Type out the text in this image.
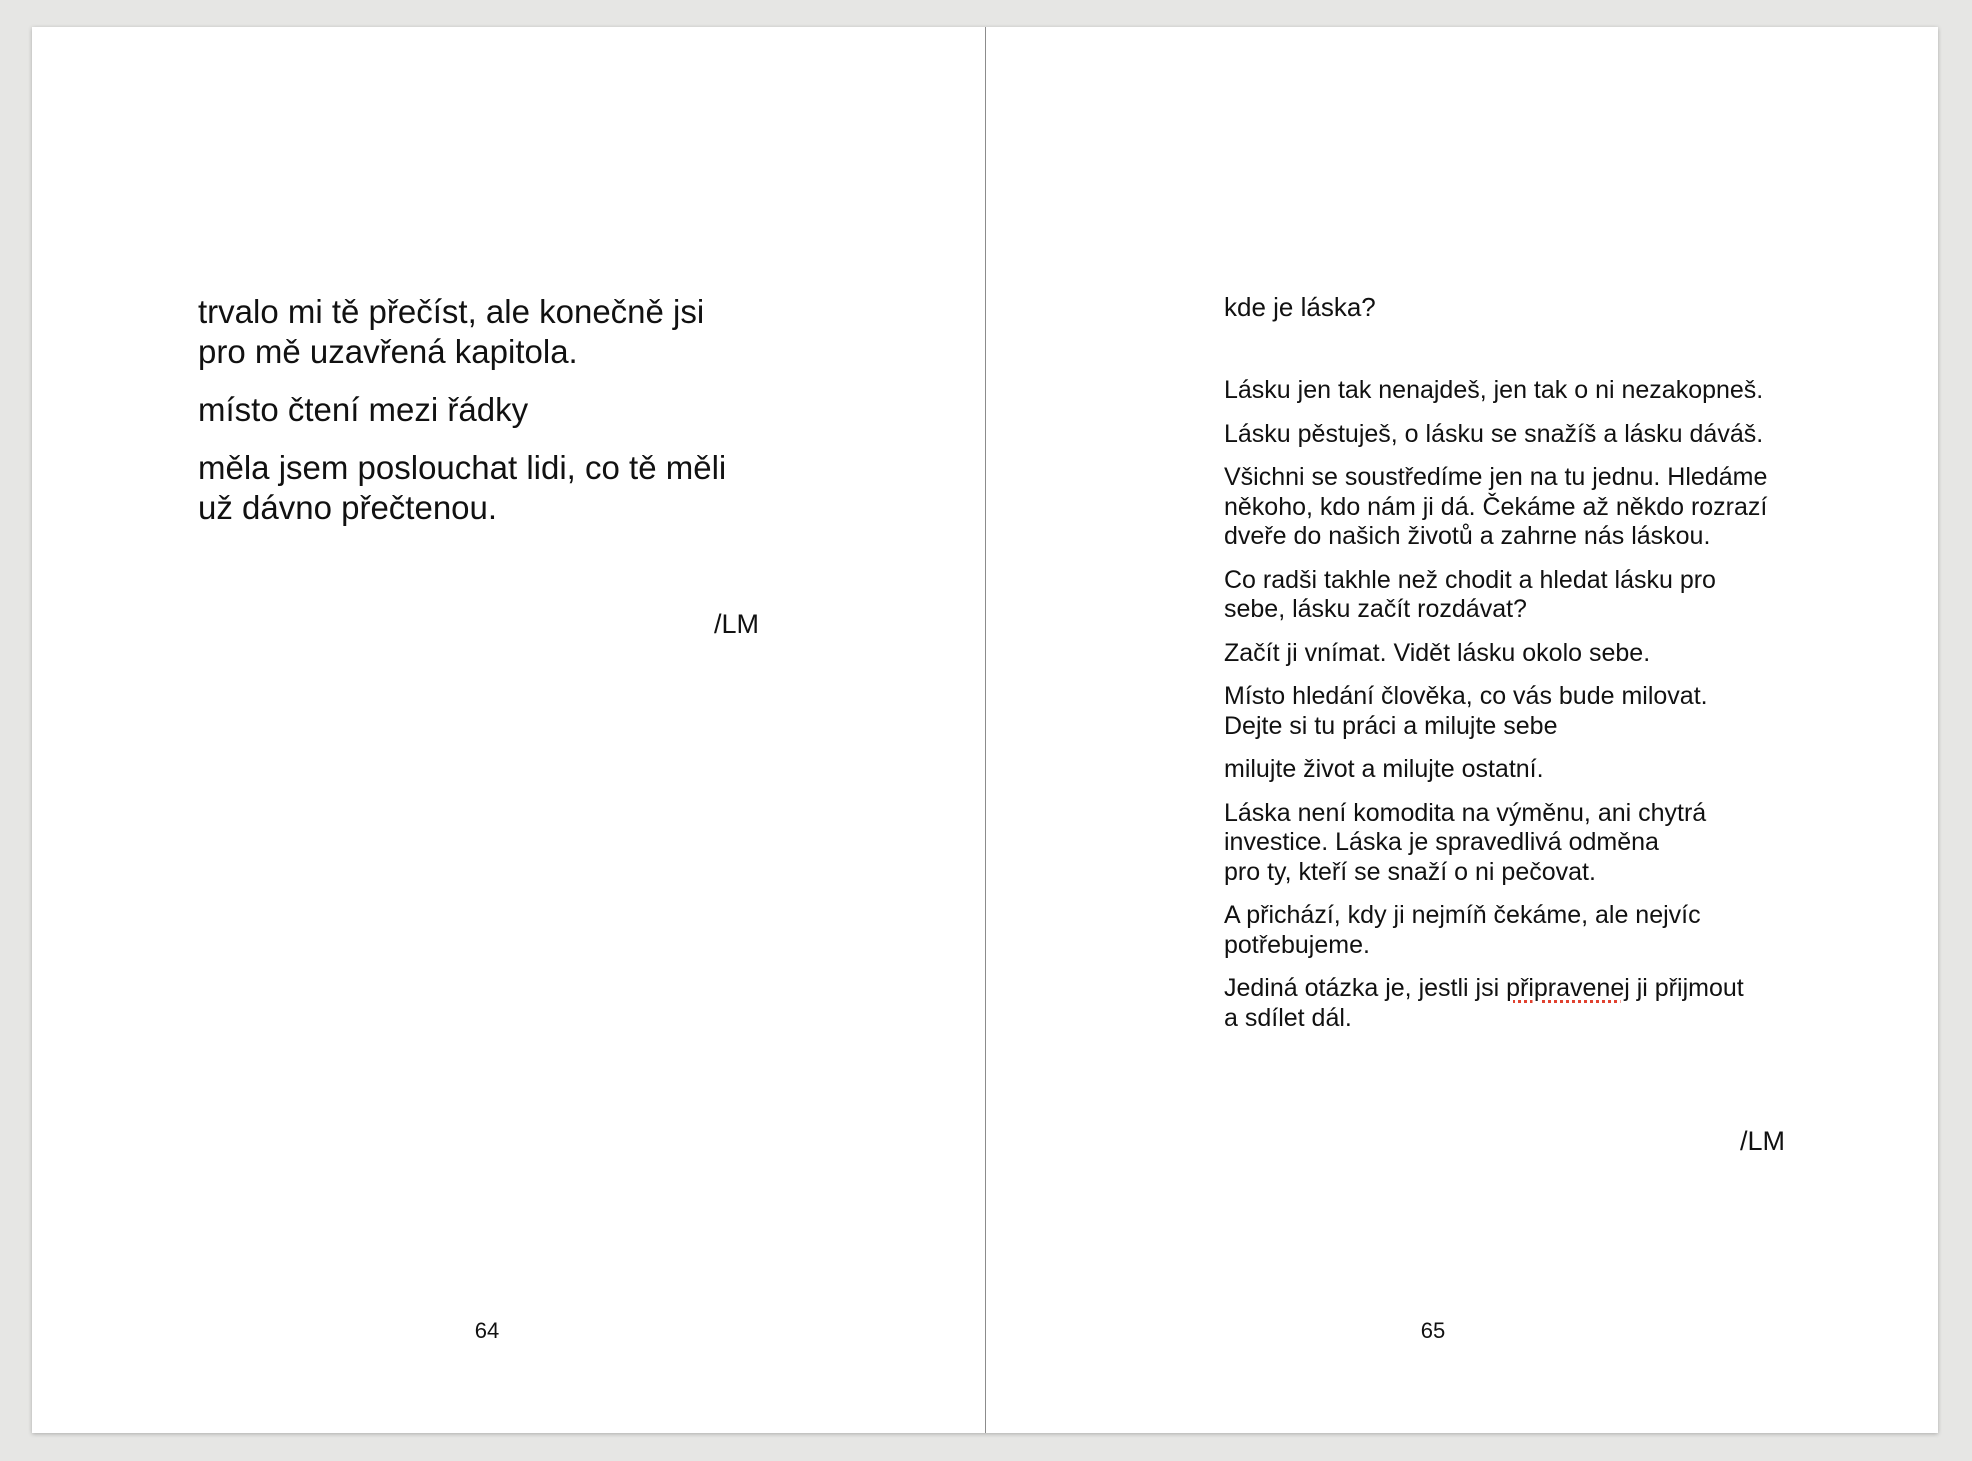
trvalo mi tě přečíst, ale konečně jsi
pro mě uzavřená kapitola.

místo čtení mezi řádky

měla jsem poslouchat lidi, co tě měli
už dávno přečtenou.

/LM
64

kde je láska?

Lásku jen tak nenajdeš, jen tak o ni nezakopneš.

Lásku pěstuješ, o lásku se snažíš a lásku dáváš.

Všichni se soustředíme jen na tu jednu. Hledáme
někoho, kdo nám ji dá. Čekáme až někdo rozrazí
dveře do našich životů a zahrne nás láskou.

Co radši takhle než chodit a hledat lásku pro
sebe, lásku začít rozdávat?

Začít ji vnímat. Vidět lásku okolo sebe.

Místo hledání člověka, co vás bude milovat.
Dejte si tu práci a milujte sebe

milujte život a milujte ostatní.

Láska není komodita na výměnu, ani chytrá
investice. Láska je spravedlivá odměna
pro ty, kteří se snaží o ni pečovat.

A přichází, kdy ji nejmíň čekáme, ale nejvíc
potřebujeme.

Jediná otázka je, jestli jsi připravenej ji přijmout
a sdílet dál.

/LM
65
